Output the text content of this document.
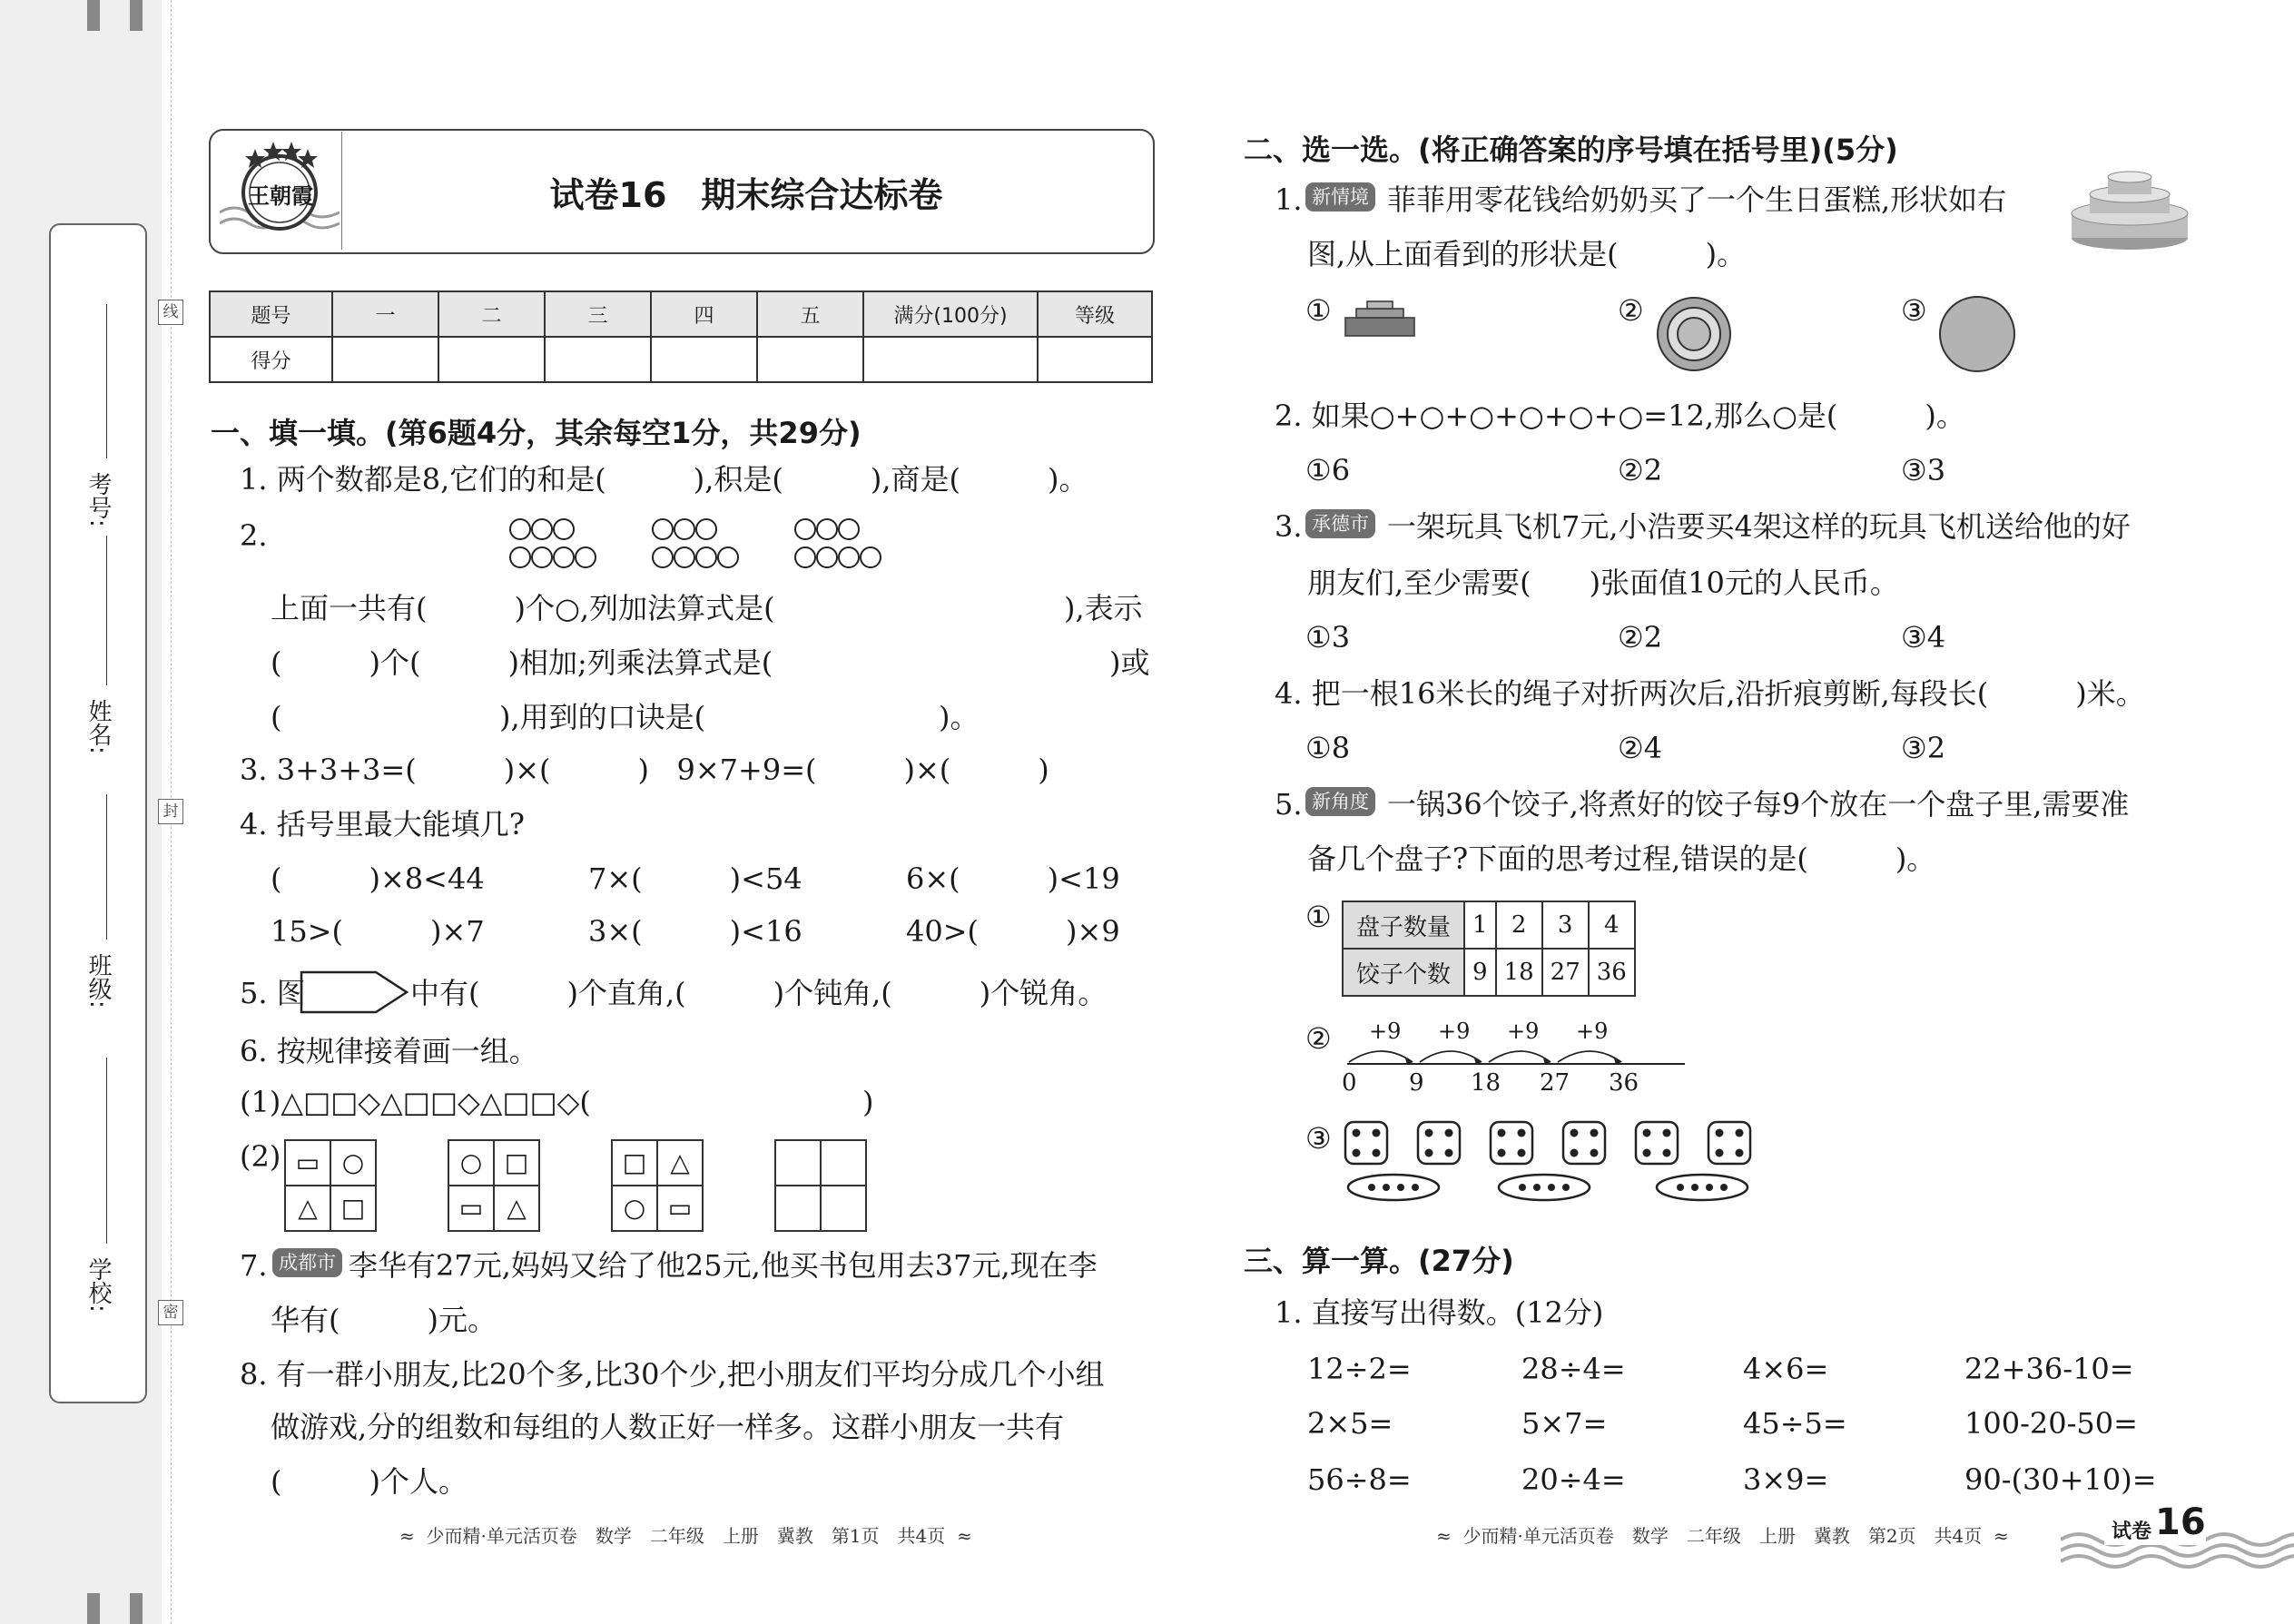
考号:
姓名:
班级:
学校:
线
封
密
王朝霞	试卷16　期末综合达标卷
题号	一	二	三	四	五	满分(100分)	等级
得分							
一、填一填。(第6题4分，其余每空1分，共29分)
1. 两个数都是8,它们的和是(　　　),积是(　　　),商是(　　　)。
2.
上面一共有(　　　)个○,列加法算式是(	),表示
(　　　)个(　　　)相加;列乘法算式是(	)或
(	),用到的口诀是(	)。
3. 3+3+3=(　　　)×(　　　)   9×7+9=(　　　)×(　　　)
4. 括号里最大能填几?
(　　　)×8<44	7×(　　　)<54	6×(　　　)<19
15>(　　　)×7	3×(　　　)<16	40>(　　　)×9
5. 图	中有(　　　)个直角,(　　　)个钝角,(　　　)个锐角。
6. 按规律接着画一组。
(1)△□□◇△□□◇△□□◇(	)
(2) ▭ ○
△ □
○ □
▭ △
□ △
○ ▭
7. 成都市 李华有27元,妈妈又给了他25元,他买书包用去37元,现在李
华有(　　　)元。
8. 有一群小朋友,比20个多,比30个少,把小朋友们平均分成几个小组
做游戏,分的组数和每组的人数正好一样多。这群小朋友一共有
(　　　)个人。
≈  少而精·单元活页卷　数学　二年级　上册　冀教　第1页　共4页  ≈
二、选一选。(将正确答案的序号填在括号里)(5分)
1. 新情境 菲菲用零花钱给奶奶买了一个生日蛋糕,形状如右
图,从上面看到的形状是(　　　)。
①	②	③
2. 如果○+○+○+○+○+○=12,那么○是(　　　)。
①6	②2	③3
3. 承德市 一架玩具飞机7元,小浩要买4架这样的玩具飞机送给他的好
朋友们,至少需要(　　)张面值10元的人民币。
①3	②2	③4
4. 把一根16米长的绳子对折两次后,沿折痕剪断,每段长(　　　)米。
①8	②4	③2
5. 新角度 一锅36个饺子,将煮好的饺子每9个放在一个盘子里,需要准
备几个盘子?下面的思考过程,错误的是(　　　)。
① 盘子数量	1	2	3	4
饺子个数	9	18	27	36
② +9 +9 +9 +9
0 9 18 27 36
③
三、算一算。(27分)
1. 直接写出得数。(12分)
12÷2=	28÷4=	4×6=	22+36-10=
2×5=	5×7=	45÷5=	100-20-50=
56÷8=	20÷4=	3×9=	90-(30+10)=
≈  少而精·单元活页卷　数学　二年级　上册　冀教　第2页　共4页  ≈	试卷 16
